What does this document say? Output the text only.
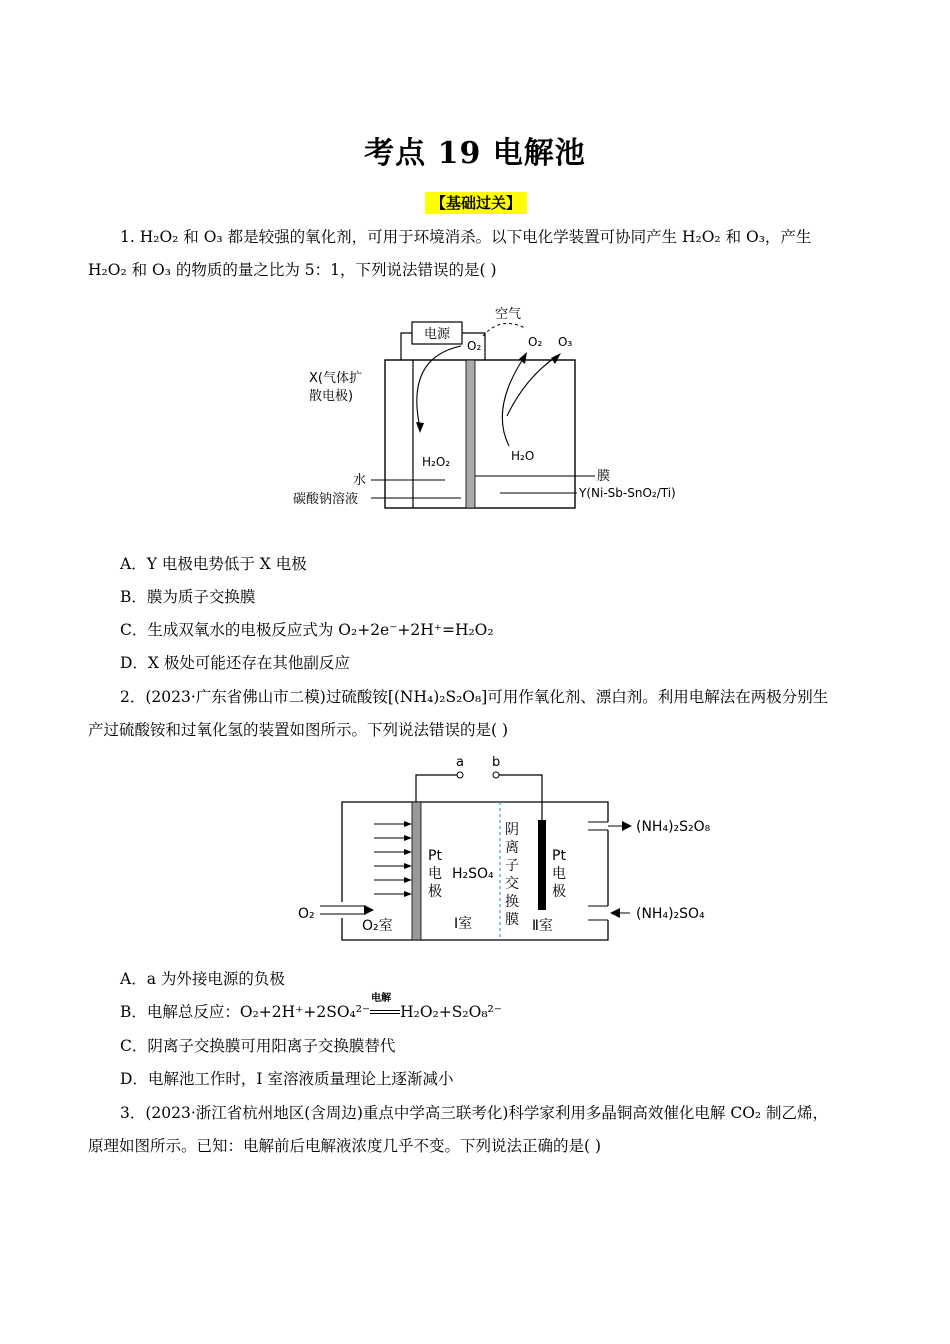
考点 19 电解池
【基础过关】
1. H₂O₂ 和 O₃ 都是较强的氧化剂，可用于环境消杀。以下电化学装置可协同产生 H₂O₂ 和 O₃，产生
H₂O₂ 和 O₃ 的物质的量之比为 5：1，下列说法错误的是( )
电源
空气
O₂	O₂ O₃
H₂O₂	H₂O
X(气体扩
散电极)
水
碳酸钠溶液
膜
Y(Ni-Sb-SnO₂/Ti)
A．Y 电极电势低于 X 电极
B．膜为质子交换膜
C．生成双氧水的电极反应式为 O₂+2e⁻+2H⁺=H₂O₂
D．X 极处可能还存在其他副反应
2．(2023·广东省佛山市二模)过硫酸铵[(NH₄)₂S₂O₈]可用作氧化剂、漂白剂。利用电解法在两极分别生
产过硫酸铵和过氧化氢的装置如图所示。下列说法错误的是( )
a b
O₂
(NH₄)₂S₂O₈
(NH₄)₂SO₄
O₂室
H₂SO₄
Ⅰ室	Ⅱ室
Pt 电极
Pt 电极
阴离子 交换膜
A．a 为外接电源的负极
B．电解总反应：O₂+2H⁺+2SO₄²⁻
电解
H₂O₂+S₂O₈²⁻
C．阴离子交换膜可用阳离子交换膜替代
D．电解池工作时，I 室溶液质量理论上逐渐减小
3．(2023·浙江省杭州地区(含周边)重点中学高三联考化)科学家利用多晶铜高效催化电解 CO₂ 制乙烯，
原理如图所示。已知：电解前后电解液浓度几乎不变。下列说法正确的是( )
